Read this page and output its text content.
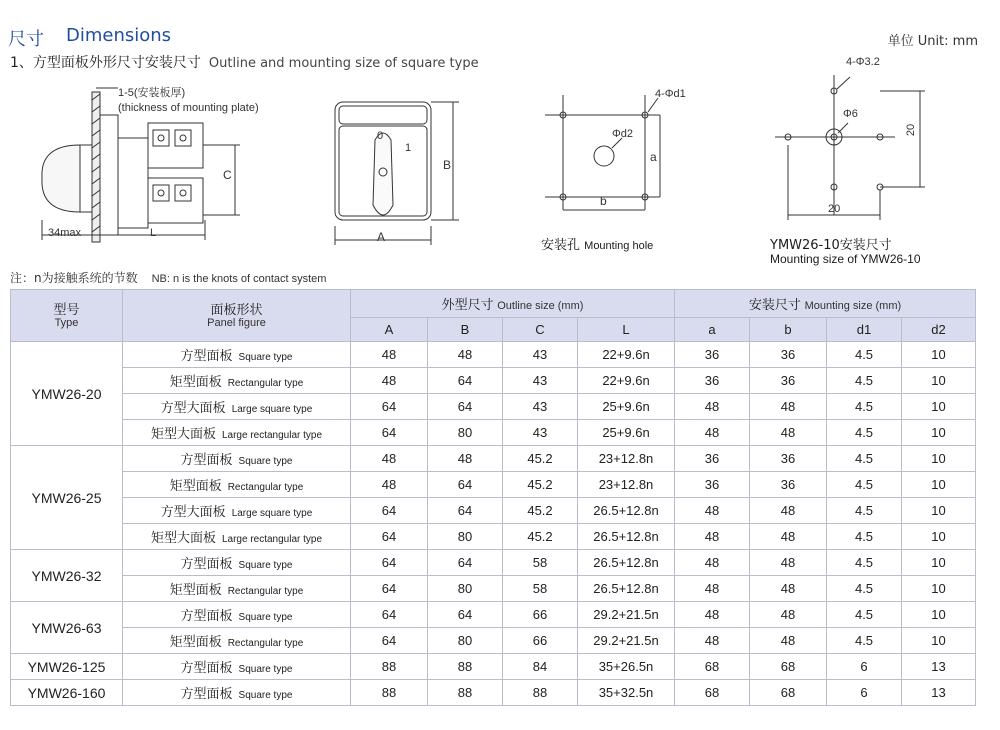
尺寸 Dimensions	单位 Unit: mm
1、方型面板外形尺寸安装尺寸 Outline and mounting size of square type
1-5(安装板厚)
(thickness of mounting plate)
34max	L
C
0
1
A
B
4-Φd1
Φd2
a
b
安装孔 Mounting hole
4-Φ3.2
Φ6
20
20
YMW26-10安装尺寸
Mounting size of YMW26-10
注：n为接触系统的节数 NB: n is the knots of contact system
型号
Type	面板形状
Panel figure	外型尺寸 Outline size (mm)				安装尺寸 Mounting size (mm)			
		A	B	C	L	a	b	d1	d2
YMW26-20	方型面板 Square type	48	48	43	22+9.6n	36	36	4.5	10
	矩型面板 Rectangular type	48	64	43	22+9.6n	36	36	4.5	10
	方型大面板 Large square type	64	64	43	25+9.6n	48	48	4.5	10
	矩型大面板 Large rectangular type	64	80	43	25+9.6n	48	48	4.5	10
YMW26-25	方型面板 Square type	48	48	45.2	23+12.8n	36	36	4.5	10
	矩型面板 Rectangular type	48	64	45.2	23+12.8n	36	36	4.5	10
	方型大面板 Large square type	64	64	45.2	26.5+12.8n	48	48	4.5	10
	矩型大面板 Large rectangular type	64	80	45.2	26.5+12.8n	48	48	4.5	10
YMW26-32	方型面板 Square type	64	64	58	26.5+12.8n	48	48	4.5	10
	矩型面板 Rectangular type	64	80	58	26.5+12.8n	48	48	4.5	10
YMW26-63	方型面板 Square type	64	64	66	29.2+21.5n	48	48	4.5	10
	矩型面板 Rectangular type	64	80	66	29.2+21.5n	48	48	4.5	10
YMW26-125	方型面板 Square type	88	88	84	35+26.5n	68	68	6	13
YMW26-160	方型面板 Square type	88	88	88	35+32.5n	68	68	6	13
